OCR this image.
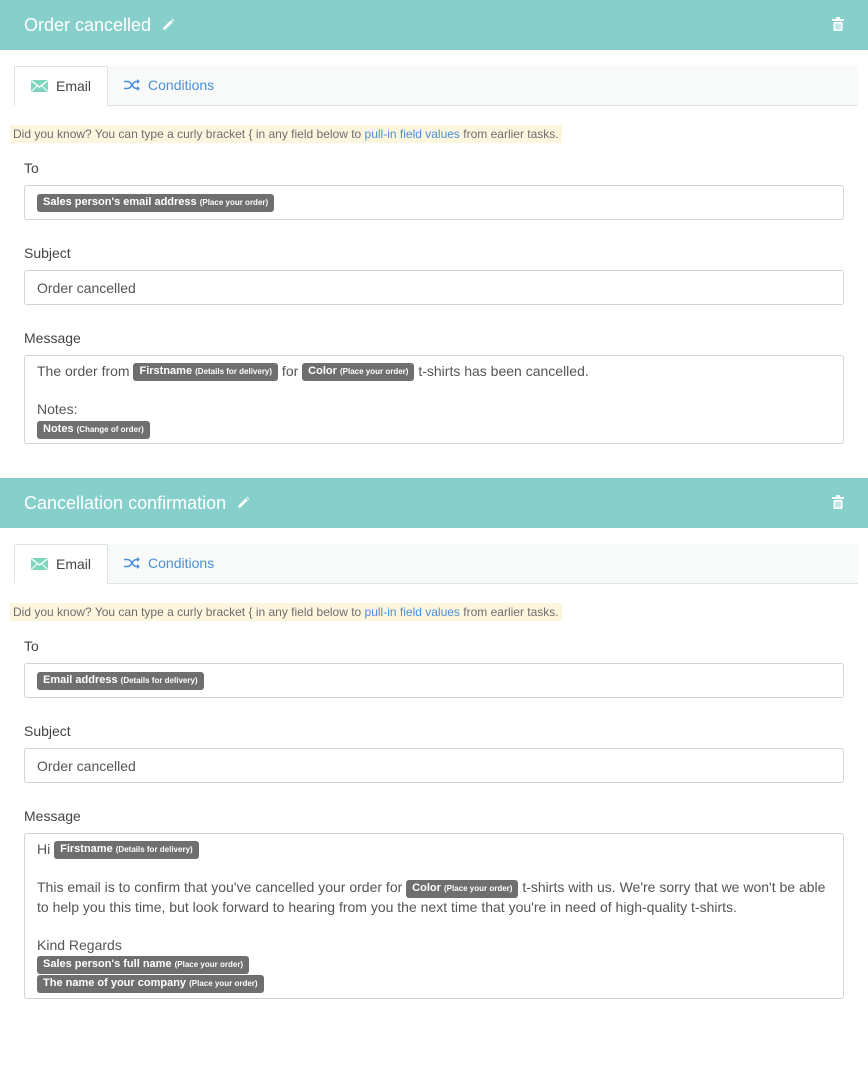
Order cancelled
Email	Conditions
Did you know? You can type a curly bracket { in any field below to pull-in field values from earlier tasks.
To
Sales person's email address (Place your order)
Subject
Order cancelled
Message
The order from Firstname (Details for delivery) for Color (Place your order) t-shirts has been cancelled.
Notes:
Notes (Change of order)
Cancellation confirmation
Email	Conditions
Did you know? You can type a curly bracket { in any field below to pull-in field values from earlier tasks.
To
Email address (Details for delivery)
Subject
Order cancelled
Message
Hi Firstname (Details for delivery)
This email is to confirm that you've cancelled your order for Color (Place your order) t-shirts with us. We're sorry that we won't be able to help you this time, but look forward to hearing from you the next time that you're in need of high-quality t-shirts.
Kind Regards
Sales person's full name (Place your order)
The name of your company (Place your order)
